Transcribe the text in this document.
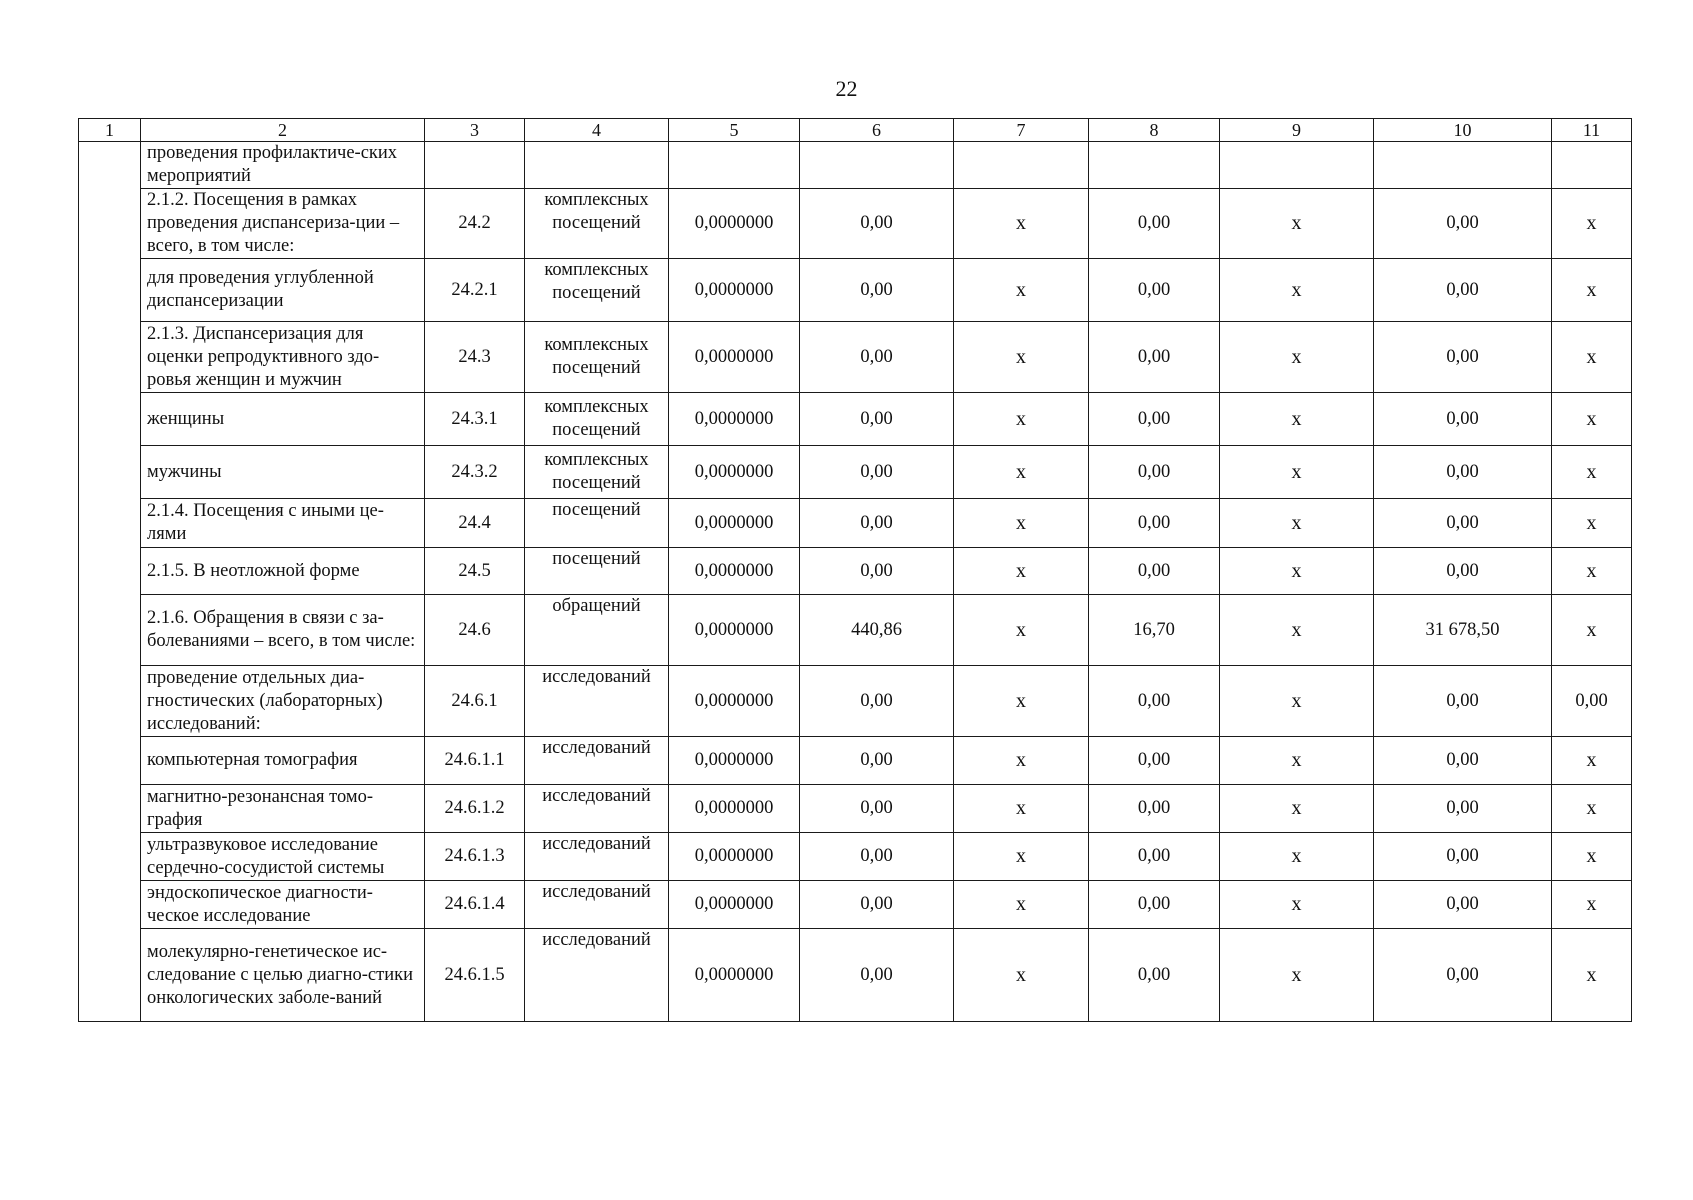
22
1	2	3	4	5	6	7	8	9	10	11
	проведения профилактиче-ских мероприятий									
	2.1.2. Посещения в рамках проведения диспансериза-ции – всего, в том числе:	24.2	комплексных посещений	0,0000000	0,00	x	0,00	x	0,00	x
	для проведения углубленной диспансеризации	24.2.1	комплексных посещений	0,0000000	0,00	x	0,00	x	0,00	x
	2.1.3. Диспансеризация для оценки репродуктивного здо-ровья женщин и мужчин	24.3	комплексных посещений	0,0000000	0,00	x	0,00	x	0,00	x
	женщины	24.3.1	комплексных посещений	0,0000000	0,00	x	0,00	x	0,00	x
	мужчины	24.3.2	комплексных посещений	0,0000000	0,00	x	0,00	x	0,00	x
	2.1.4. Посещения с иными це-лями	24.4	посещений	0,0000000	0,00	x	0,00	x	0,00	x
	2.1.5. В неотложной форме	24.5	посещений	0,0000000	0,00	x	0,00	x	0,00	x
	2.1.6. Обращения в связи с за-болеваниями – всего, в том числе:	24.6	обращений	0,0000000	440,86	x	16,70	x	31 678,50	x
	проведение отдельных диа-гностических (лабораторных) исследований:	24.6.1	исследований	0,0000000	0,00	x	0,00	x	0,00	0,00
	компьютерная томография	24.6.1.1	исследований	0,0000000	0,00	x	0,00	x	0,00	x
	магнитно-резонансная томо-графия	24.6.1.2	исследований	0,0000000	0,00	x	0,00	x	0,00	x
	ультразвуковое исследование сердечно-сосудистой системы	24.6.1.3	исследований	0,0000000	0,00	x	0,00	x	0,00	x
	эндоскопическое диагности-ческое исследование	24.6.1.4	исследований	0,0000000	0,00	x	0,00	x	0,00	x
	молекулярно-генетическое ис-следование с целью диагно-стики онкологических заболе-ваний	24.6.1.5	исследований	0,0000000	0,00	x	0,00	x	0,00	x
